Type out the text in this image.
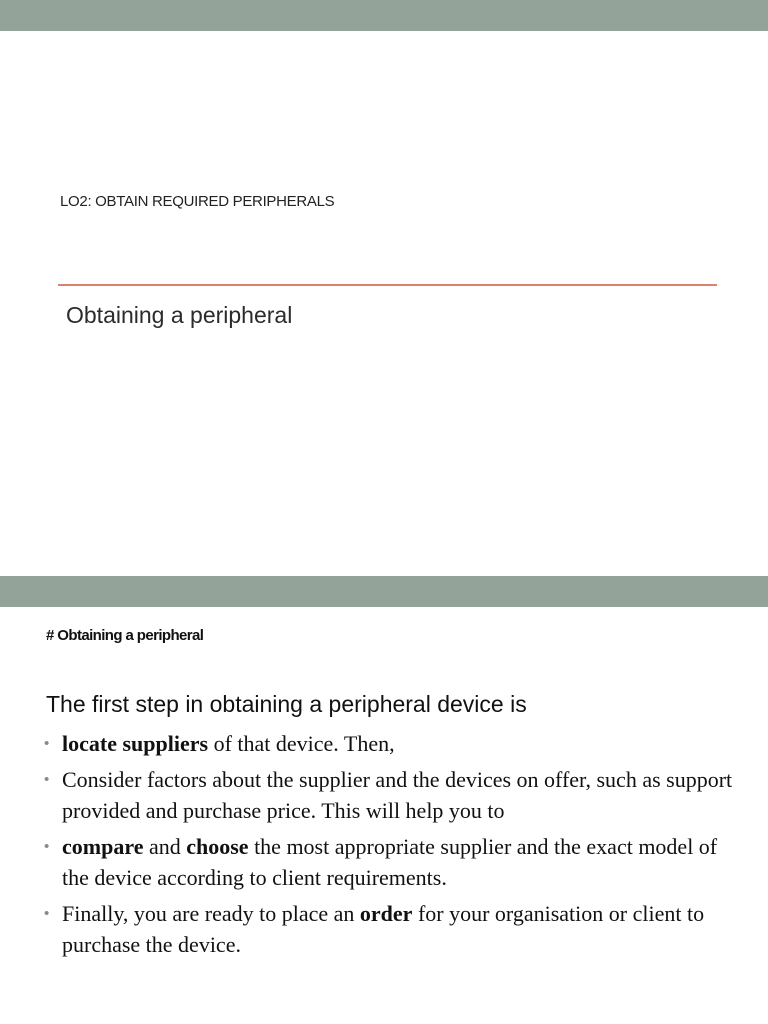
LO2: OBTAIN REQUIRED PERIPHERALS
Obtaining a peripheral
# Obtaining a peripheral
The first step in obtaining a peripheral device is
• locate suppliers of that device. Then,
• Consider factors about the supplier and the devices on offer, such as support provided and purchase price. This will help you to
• compare and choose the most appropriate supplier and the exact model of the device according to client requirements.
• Finally, you are ready to place an order for your organisation or client to purchase the device.
